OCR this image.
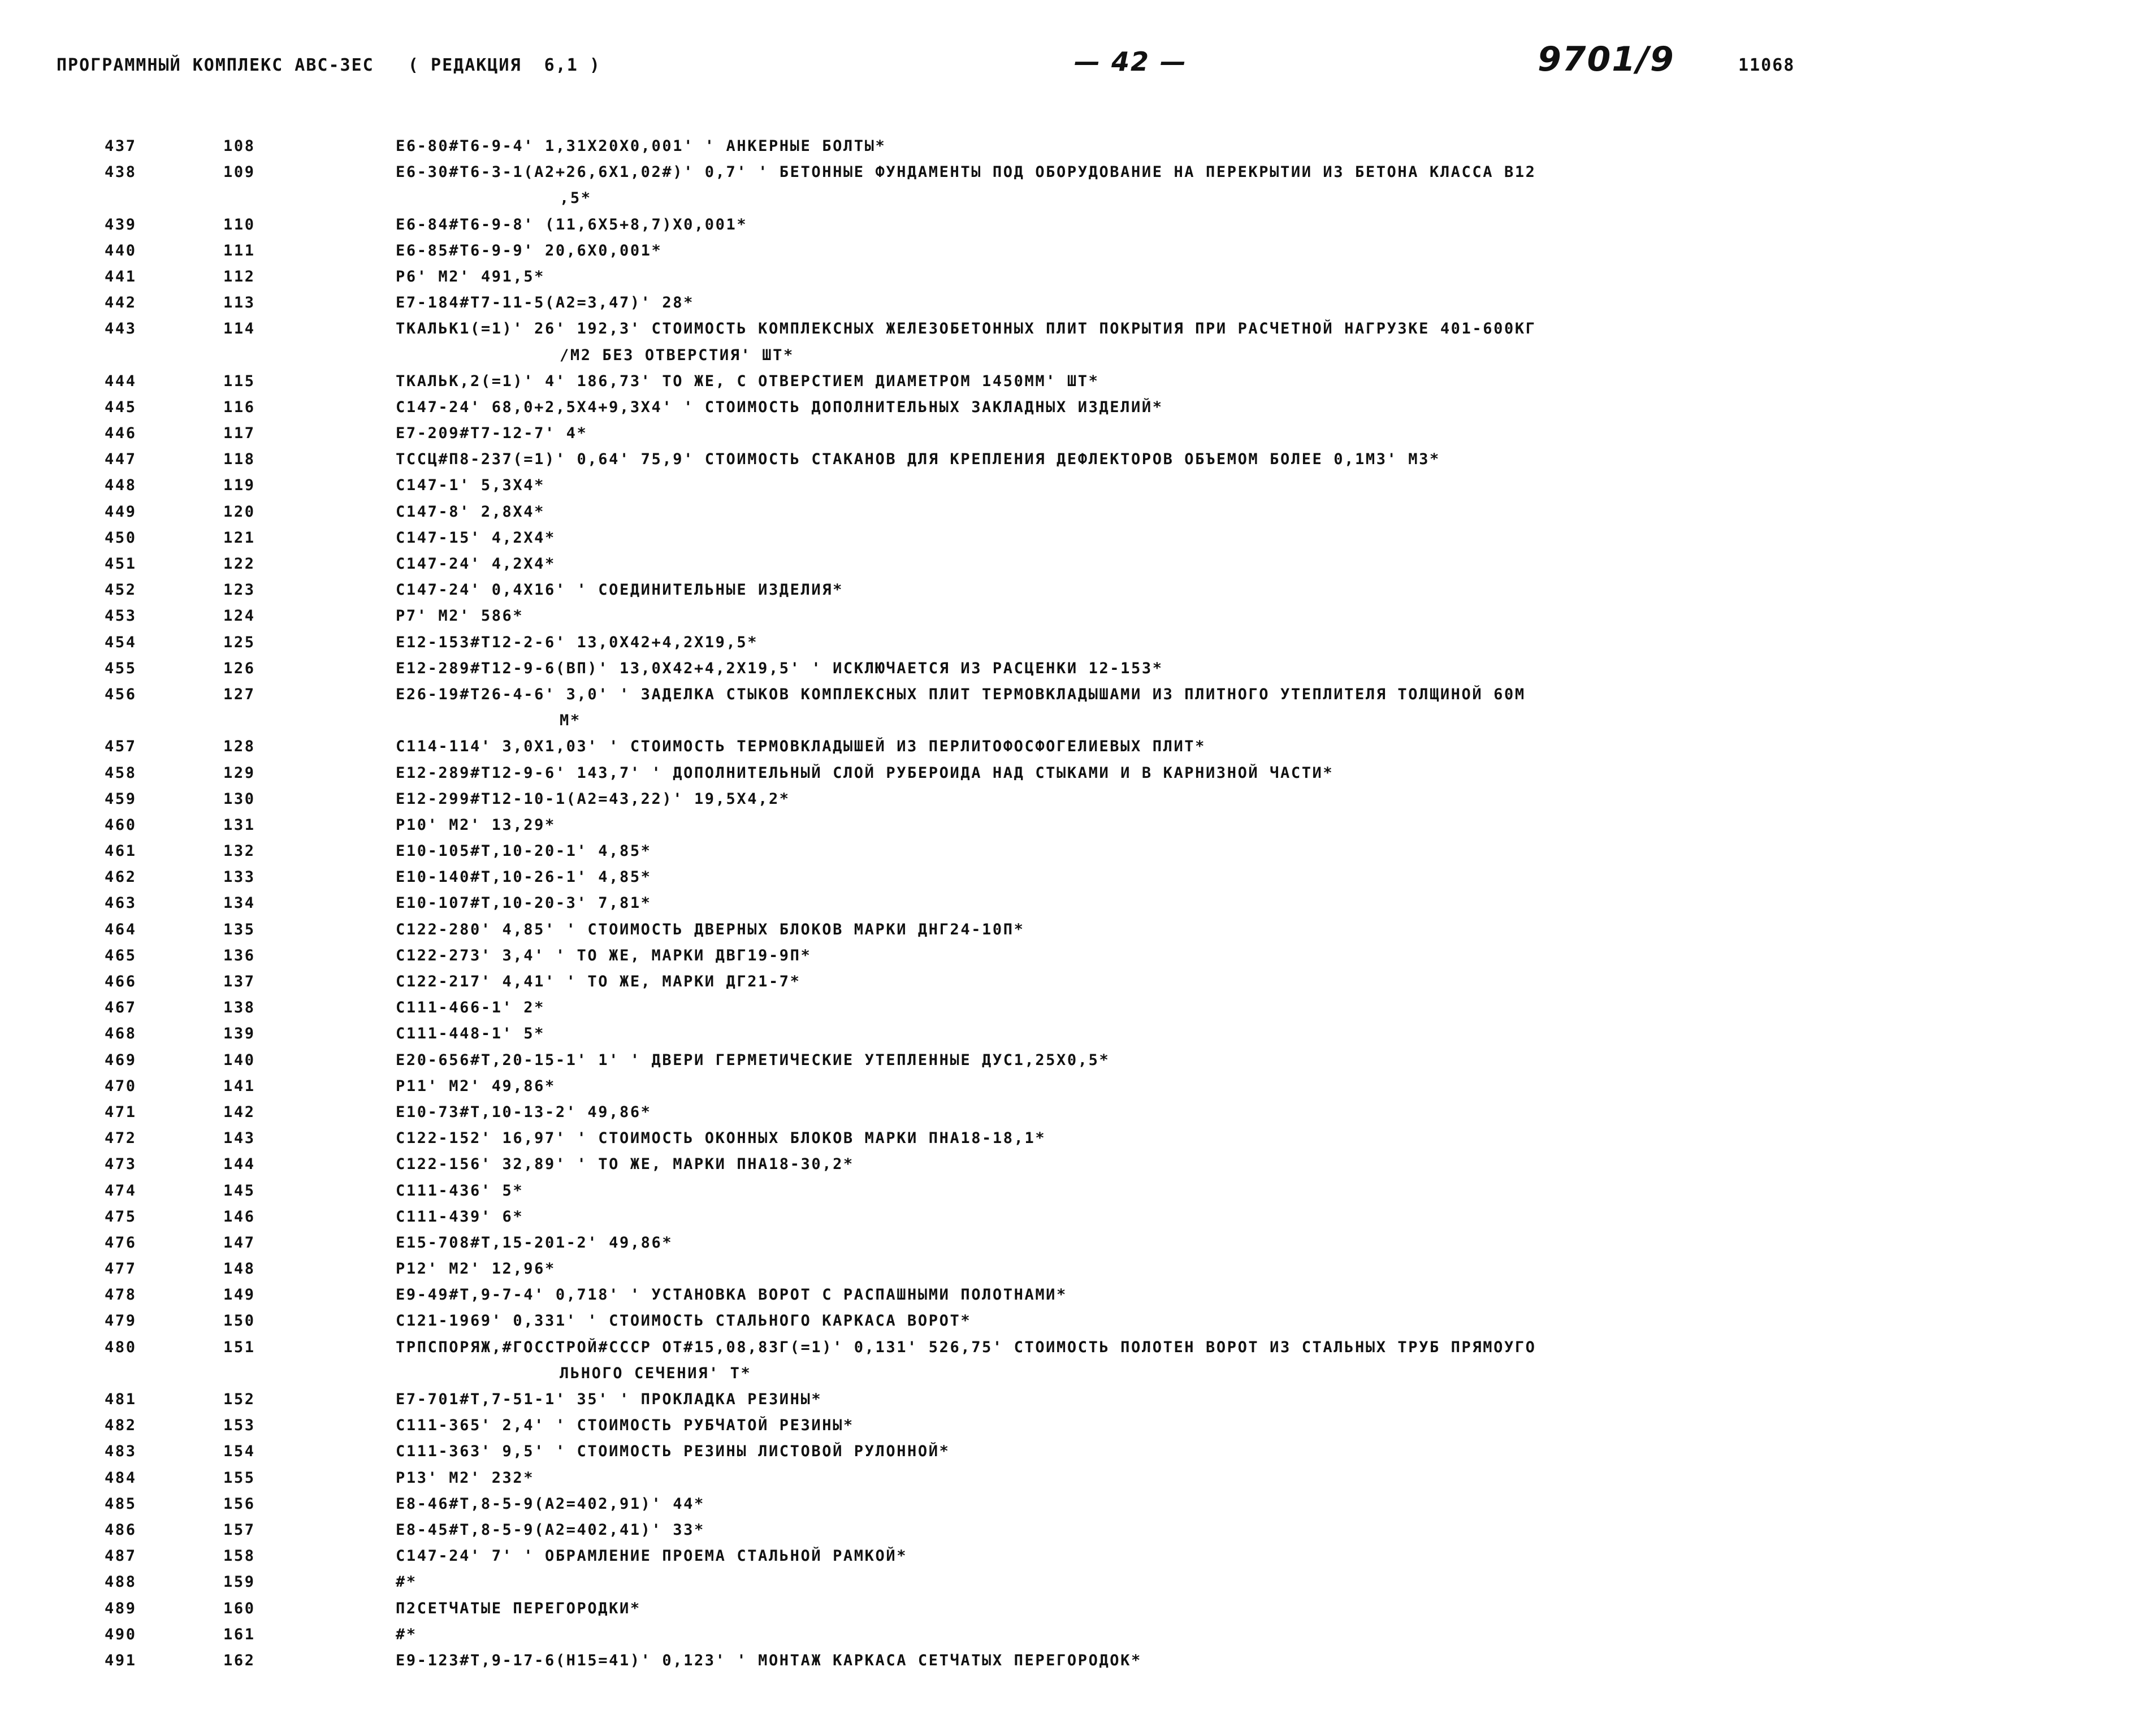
ПРОГРАММНЫЙ КОМПЛЕКС АВС-3ЕС   ( РЕДАКЦИЯ  6,1 )	— 42 —	9701/9	11068
437	108	Е6-80#Т6-9-4' 1,31Х20Х0,001' ' АНКЕРНЫЕ БОЛТЫ*
438	109	Е6-30#Т6-3-1(А2+26,6Х1,02#)' 0,7' ' БЕТОННЫЕ ФУНДАМЕНТЫ ПОД ОБОРУДОВАНИЕ НА ПЕРЕКРЫТИИ ИЗ БЕТОНА КЛАССА В12
,5*
439	110	Е6-84#Т6-9-8' (11,6Х5+8,7)Х0,001*
440	111	Е6-85#Т6-9-9' 20,6Х0,001*
441	112	Р6' М2' 491,5*
442	113	Е7-184#Т7-11-5(А2=3,47)' 28*
443	114	ТКАЛЬК1(=1)' 26' 192,3' СТОИМОСТЬ КОМПЛЕКСНЫХ ЖЕЛЕЗОБЕТОННЫХ ПЛИТ ПОКРЫТИЯ ПРИ РАСЧЕТНОЙ НАГРУЗКЕ 401-600КГ
/М2 БЕЗ ОТВЕРСТИЯ' ШТ*
444	115	ТКАЛЬК,2(=1)' 4' 186,73' ТО ЖЕ, С ОТВЕРСТИЕМ ДИАМЕТРОМ 1450ММ' ШТ*
445	116	С147-24' 68,0+2,5Х4+9,3Х4' ' СТОИМОСТЬ ДОПОЛНИТЕЛЬНЫХ ЗАКЛАДНЫХ ИЗДЕЛИЙ*
446	117	Е7-209#Т7-12-7' 4*
447	118	ТССЦ#П8-237(=1)' 0,64' 75,9' СТОИМОСТЬ СТАКАНОВ ДЛЯ КРЕПЛЕНИЯ ДЕФЛЕКТОРОВ ОБЪЕМОМ БОЛЕЕ 0,1М3' М3*
448	119	С147-1' 5,3Х4*
449	120	С147-8' 2,8Х4*
450	121	С147-15' 4,2Х4*
451	122	С147-24' 4,2Х4*
452	123	С147-24' 0,4Х16' ' СОЕДИНИТЕЛЬНЫЕ ИЗДЕЛИЯ*
453	124	Р7' М2' 586*
454	125	Е12-153#Т12-2-6' 13,0Х42+4,2Х19,5*
455	126	Е12-289#Т12-9-6(ВП)' 13,0Х42+4,2Х19,5' ' ИСКЛЮЧАЕТСЯ ИЗ РАСЦЕНКИ 12-153*
456	127	Е26-19#Т26-4-6' 3,0' ' ЗАДЕЛКА СТЫКОВ КОМПЛЕКСНЫХ ПЛИТ ТЕРМОВКЛАДЫШАМИ ИЗ ПЛИТНОГО УТЕПЛИТЕЛЯ ТОЛЩИНОЙ 60М
М*
457	128	С114-114' 3,0Х1,03' ' СТОИМОСТЬ ТЕРМОВКЛАДЫШЕЙ ИЗ ПЕРЛИТОФОСФОГЕЛИЕВЫХ ПЛИТ*
458	129	Е12-289#Т12-9-6' 143,7' ' ДОПОЛНИТЕЛЬНЫЙ СЛОЙ РУБЕРОИДА НАД СТЫКАМИ И В КАРНИЗНОЙ ЧАСТИ*
459	130	Е12-299#Т12-10-1(А2=43,22)' 19,5Х4,2*
460	131	Р10' М2' 13,29*
461	132	Е10-105#Т,10-20-1' 4,85*
462	133	Е10-140#Т,10-26-1' 4,85*
463	134	Е10-107#Т,10-20-3' 7,81*
464	135	С122-280' 4,85' ' СТОИМОСТЬ ДВЕРНЫХ БЛОКОВ МАРКИ ДНГ24-10П*
465	136	С122-273' 3,4' ' ТО ЖЕ, МАРКИ ДВГ19-9П*
466	137	С122-217' 4,41' ' ТО ЖЕ, МАРКИ ДГ21-7*
467	138	С111-466-1' 2*
468	139	С111-448-1' 5*
469	140	Е20-656#Т,20-15-1' 1' ' ДВЕРИ ГЕРМЕТИЧЕСКИЕ УТЕПЛЕННЫЕ ДУС1,25Х0,5*
470	141	Р11' М2' 49,86*
471	142	Е10-73#Т,10-13-2' 49,86*
472	143	С122-152' 16,97' ' СТОИМОСТЬ ОКОННЫХ БЛОКОВ МАРКИ ПНА18-18,1*
473	144	С122-156' 32,89' ' ТО ЖЕ, МАРКИ ПНА18-30,2*
474	145	С111-436' 5*
475	146	С111-439' 6*
476	147	Е15-708#Т,15-201-2' 49,86*
477	148	Р12' М2' 12,96*
478	149	Е9-49#Т,9-7-4' 0,718' ' УСТАНОВКА ВОРОТ С РАСПАШНЫМИ ПОЛОТНАМИ*
479	150	С121-1969' 0,331' ' СТОИМОСТЬ СТАЛЬНОГО КАРКАСА ВОРОТ*
480	151	ТРПСПОРЯЖ,#ГОССТРОЙ#СССР ОТ#15,08,83Г(=1)' 0,131' 526,75' СТОИМОСТЬ ПОЛОТЕН ВОРОТ ИЗ СТАЛЬНЫХ ТРУБ ПРЯМОУГО
ЛЬНОГО СЕЧЕНИЯ' Т*
481	152	Е7-701#Т,7-51-1' 35' ' ПРОКЛАДКА РЕЗИНЫ*
482	153	С111-365' 2,4' ' СТОИМОСТЬ РУБЧАТОЙ РЕЗИНЫ*
483	154	С111-363' 9,5' ' СТОИМОСТЬ РЕЗИНЫ ЛИСТОВОЙ РУЛОННОЙ*
484	155	Р13' М2' 232*
485	156	Е8-46#Т,8-5-9(А2=402,91)' 44*
486	157	Е8-45#Т,8-5-9(А2=402,41)' 33*
487	158	С147-24' 7' ' ОБРАМЛЕНИЕ ПРОЕМА СТАЛЬНОЙ РАМКОЙ*
488	159	#*
489	160	П2СЕТЧАТЫЕ ПЕРЕГОРОДКИ*
490	161	#*
491	162	Е9-123#Т,9-17-6(Н15=41)' 0,123' ' МОНТАЖ КАРКАСА СЕТЧАТЫХ ПЕРЕГОРОДОК*
